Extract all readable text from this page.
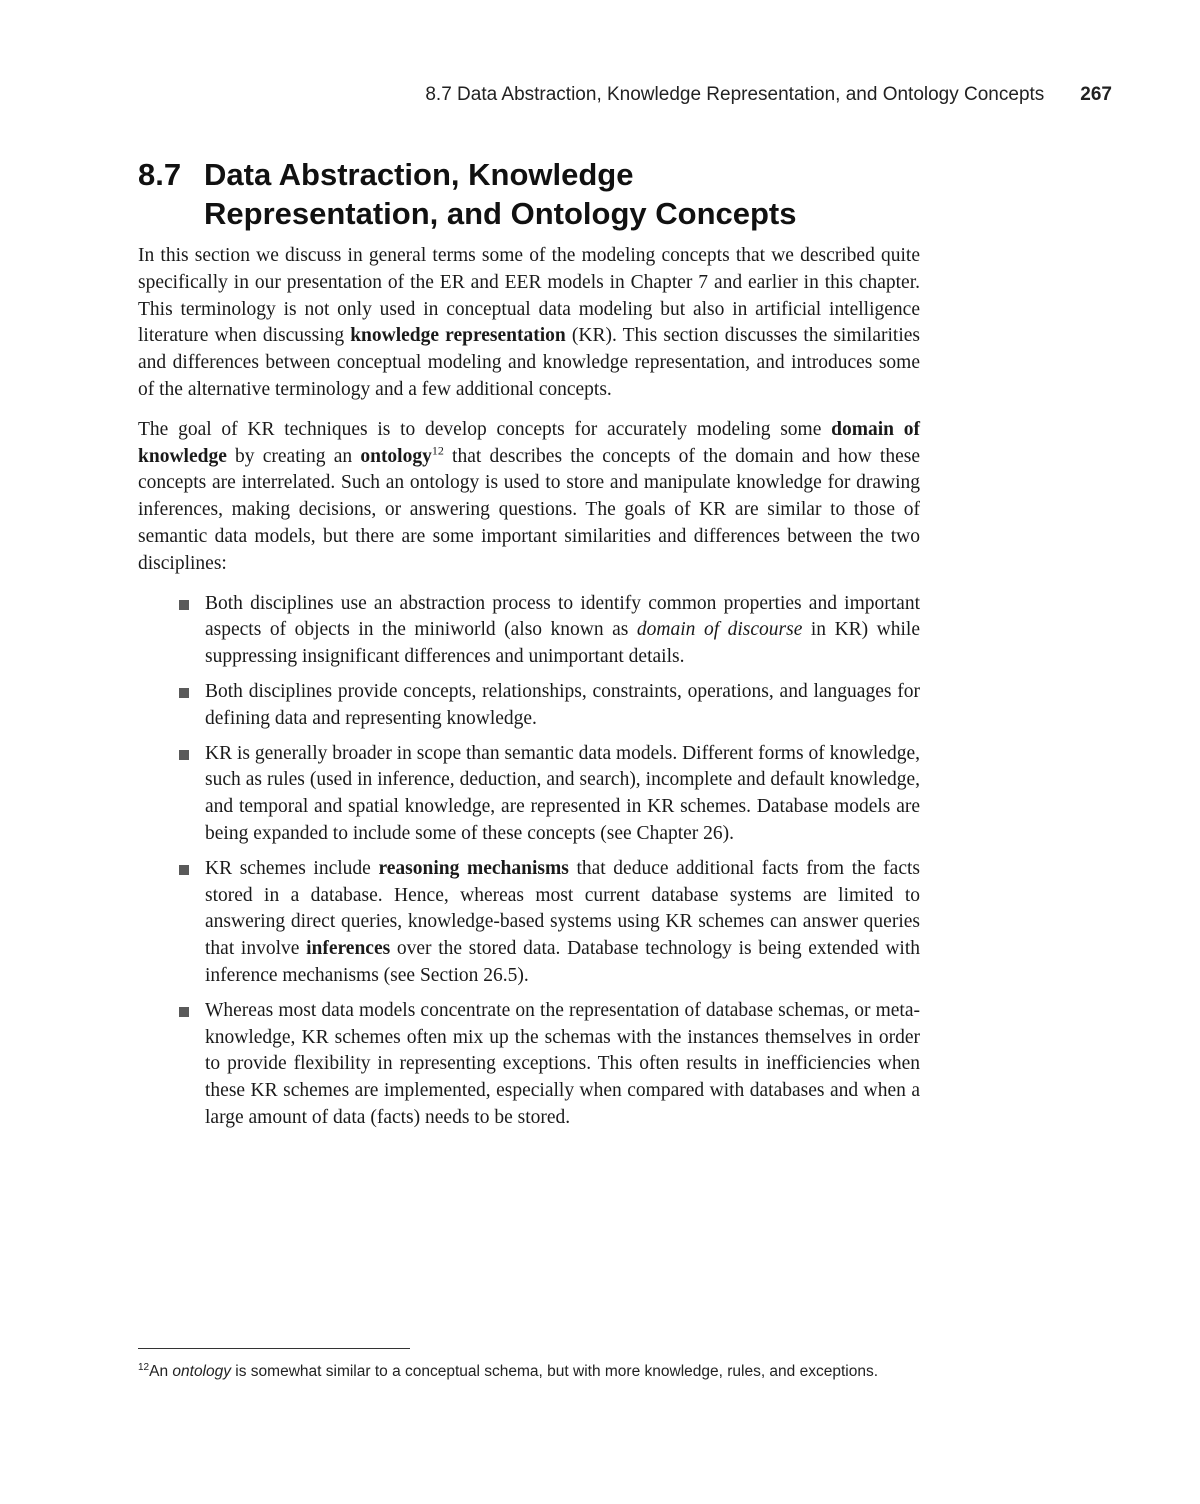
8.7 Data Abstraction, Knowledge Representation, and Ontology Concepts 267
8.7 Data Abstraction, Knowledge
Representation, and Ontology Concepts

In this section we discuss in general terms some of the modeling concepts that we described quite specifically in our presentation of the ER and EER models in Chapter 7 and earlier in this chapter. This terminology is not only used in conceptual data modeling but also in artificial intelligence literature when discussing knowledge representation (KR). This section discusses the similarities and differences between conceptual modeling and knowledge representation, and introduces some of the alternative terminology and a few additional concepts.

The goal of KR techniques is to develop concepts for accurately modeling some domain of knowledge by creating an ontology$^{12}$ that describes the concepts of the domain and how these concepts are interrelated. Such an ontology is used to store and manipulate knowledge for drawing inferences, making decisions, or answering questions. The goals of KR are similar to those of semantic data models, but there are some important similarities and differences between the two disciplines:

Both disciplines use an abstraction process to identify common properties and important aspects of objects in the miniworld (also known as domain of discourse in KR) while suppressing insignificant differences and unimportant details.
Both disciplines provide concepts, relationships, constraints, operations, and languages for defining data and representing knowledge.
KR is generally broader in scope than semantic data models. Different forms of knowledge, such as rules (used in inference, deduction, and search), incomplete and default knowledge, and temporal and spatial knowledge, are represented in KR schemes. Database models are being expanded to include some of these concepts (see Chapter 26).
KR schemes include reasoning mechanisms that deduce additional facts from the facts stored in a database. Hence, whereas most current database systems are limited to answering direct queries, knowledge-based systems using KR schemes can answer queries that involve inferences over the stored data. Database technology is being extended with inference mechanisms (see Section 26.5).
Whereas most data models concentrate on the representation of database schemas, or meta-knowledge, KR schemes often mix up the schemas with the instances themselves in order to provide flexibility in representing exceptions. This often results in inefficiencies when these KR schemes are implemented, especially when compared with databases and when a large amount of data (facts) needs to be stored.
$^{12}$An ontology is somewhat similar to a conceptual schema, but with more knowledge, rules, and exceptions.
